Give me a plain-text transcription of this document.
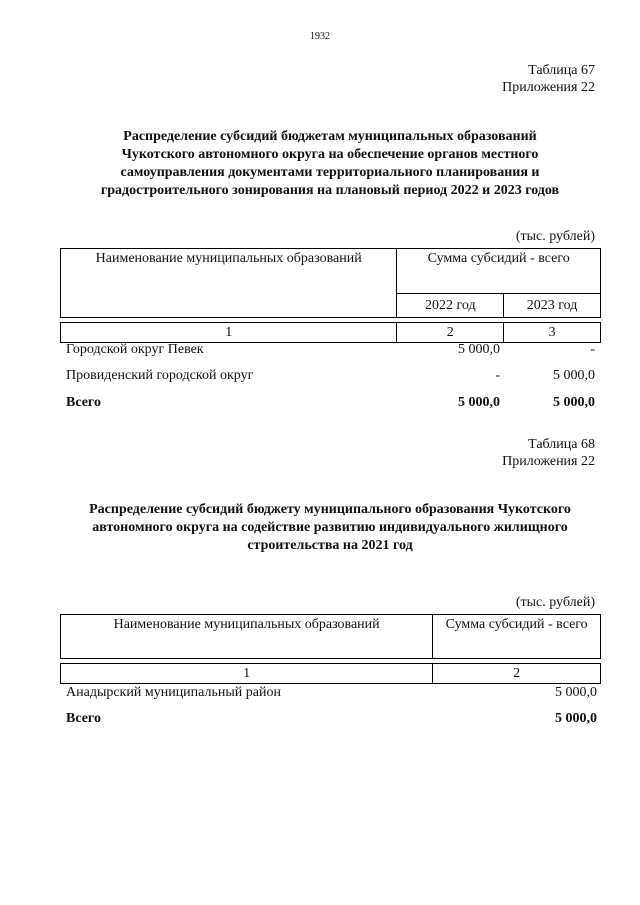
1932
Таблица 67
Приложения 22
Распределение субсидий бюджетам муниципальных образований
Чукотского автономного округа на обеспечение органов местного
самоуправления документами территориального планирования и
градостроительного зонирования на плановый период 2022 и 2023 годов
(тыс. рублей)
Наименование муниципальных образований	Сумма субсидий - всего	
	2022 год	2023 год

1	2	3
Городской округ Певек	5 000,0	-
Провиденский городской округ	-	5 000,0
Всего	5 000,0	5 000,0
Таблица 68
Приложения 22
Распределение субсидий бюджету муниципального образования Чукотского
автономного округа на содействие развитию индивидуального жилищного
строительства на 2021 год
(тыс. рублей)
Наименование муниципальных образований	Сумма субсидий - всего

1	2
Анадырский муниципальный район	5 000,0
Всего	5 000,0
